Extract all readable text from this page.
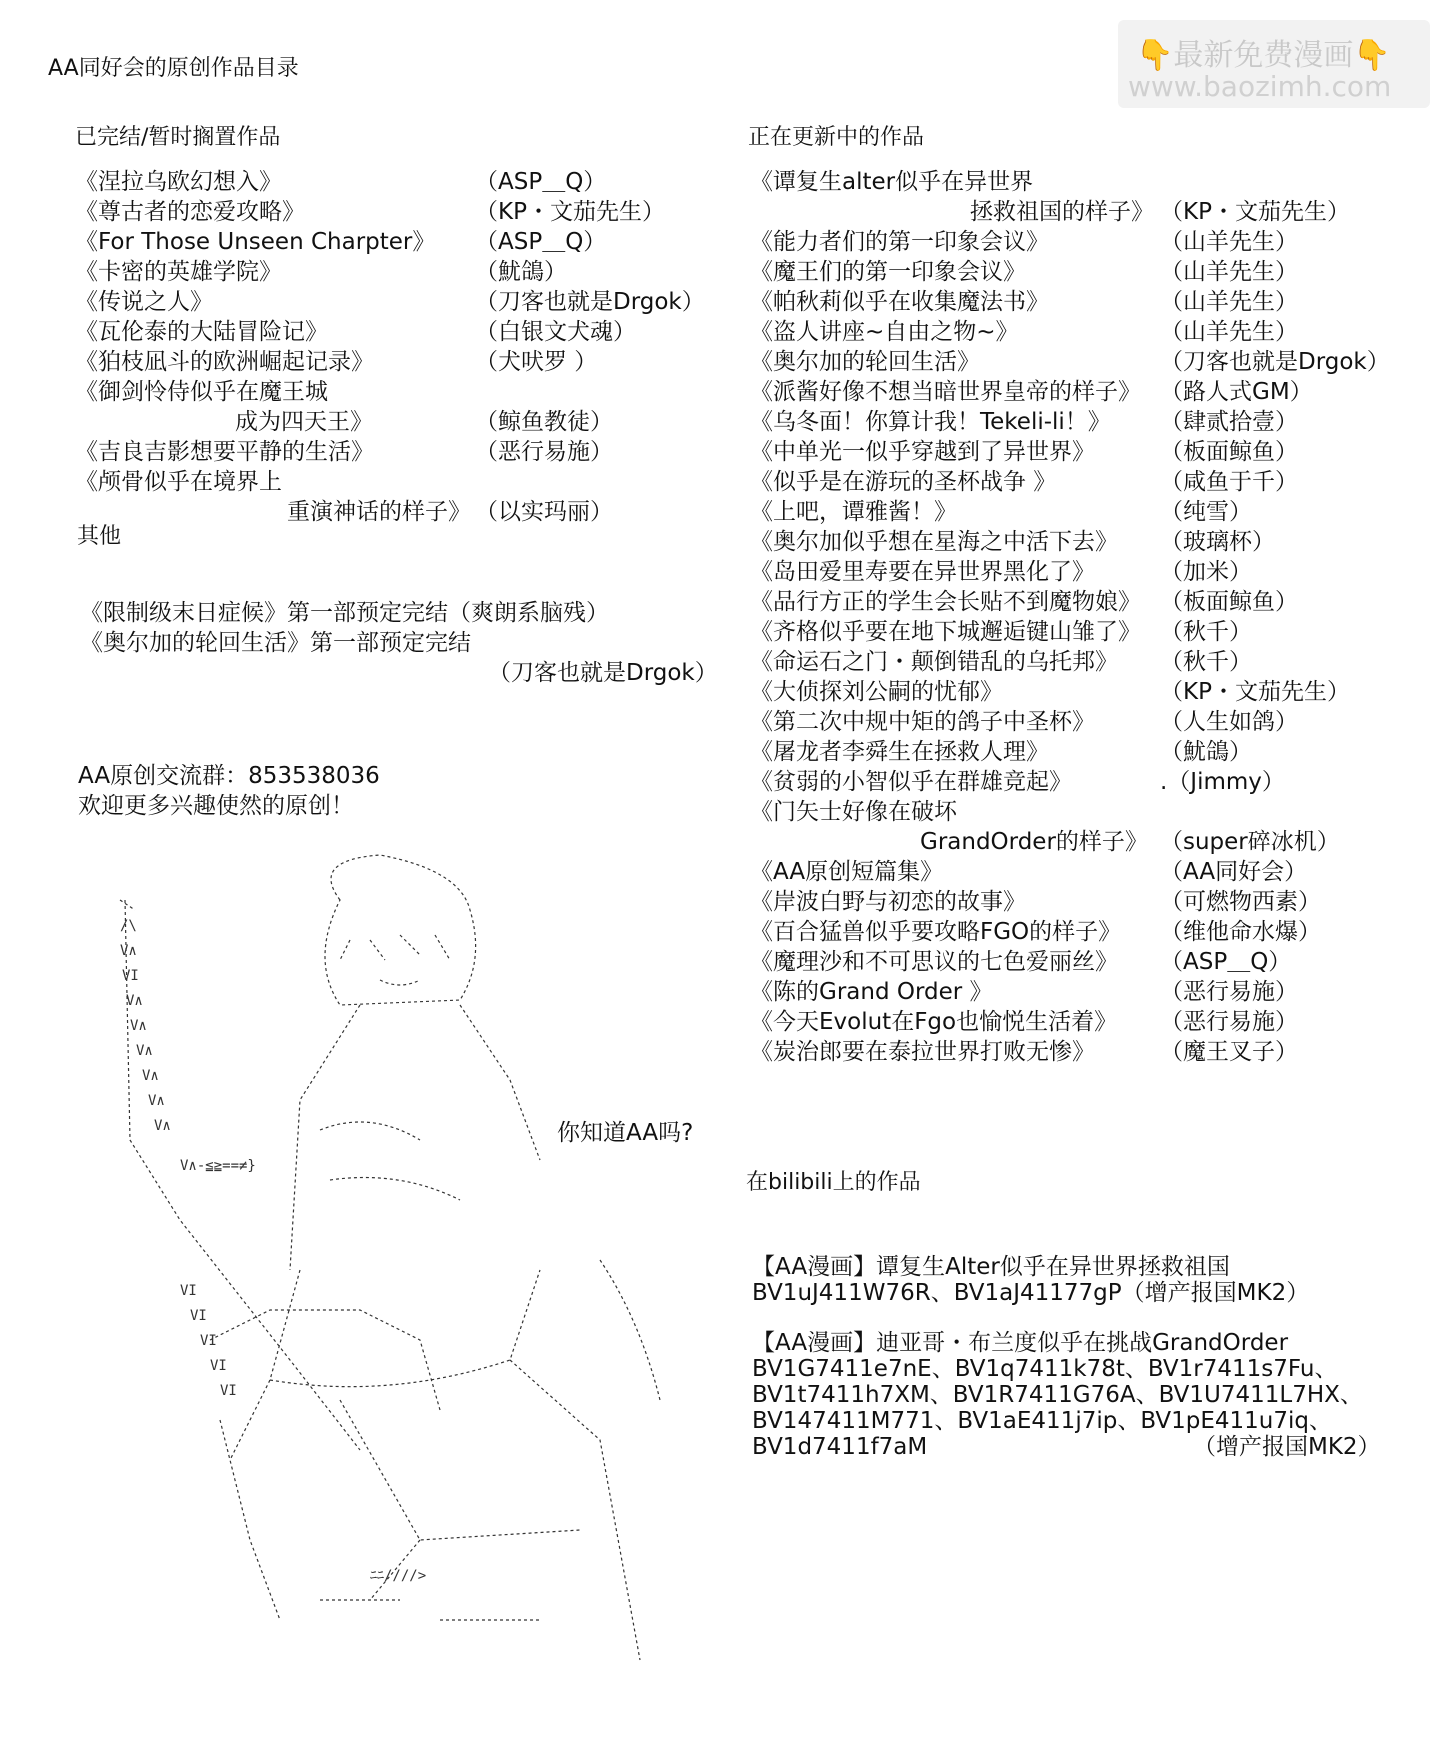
👇最新免费漫画👇
www.baozimh.com
AA同好会的原创作品目录
已完结/暂时搁置作品
《涅拉乌欧幻想入》	（ASP＿Q）
《尊古者的恋爱攻略》	（KP・文茄先生）
《For Those Unseen Charpter》 （ASP＿Q）
《卡密的英雄学院》	（魷鴿）
《传说之人》	（刀客也就是Drgok）
《瓦伦泰的大陆冒险记》	（白银文犬魂）
《狛枝凪斗的欧洲崛起记录》	（犬吠罗 ）
《御剑怜侍似乎在魔王城
成为四天王》	（鲸鱼教徒）
《吉良吉影想要平静的生活》	（恶行易施）
《颅骨似乎在境界上
重演神话的样子》 （以实玛丽）
其他
《限制级末日症候》第一部预定完结（爽朗系脑残）
《奥尔加的轮回生活》第一部预定完结
（刀客也就是Drgok）
AA原创交流群：853538036
欢迎更多兴趣使然的原创！
正在更新中的作品
《谭复生alter似乎在异世界
拯救祖国的样子》 （KP・文茄先生）
《能力者们的第一印象会议》	（山羊先生）
《魔王们的第一印象会议》	（山羊先生）
《帕秋莉似乎在收集魔法书》	（山羊先生）
《盗人讲座~自由之物~》	（山羊先生）
《奥尔加的轮回生活》	（刀客也就是Drgok）
《派酱好像不想当暗世界皇帝的样子》 （路人式GM）
《乌冬面！你算计我！Tekeli-li！》 （肆贰拾壹）
《中单光一似乎穿越到了异世界》	（板面鲸鱼）
《似乎是在游玩的圣杯战争 》	（咸鱼于千）
《上吧，谭雅酱！》	（纯雪）
《奥尔加似乎想在星海之中活下去》 （玻璃杯）
《岛田爱里寿要在异世界黑化了》	（加米）
《品行方正的学生会长贴不到魔物娘》 （板面鲸鱼）
《齐格似乎要在地下城邂逅键山雏了》 （秋千）
《命运石之门・颠倒错乱的乌托邦》 （秋千）
《大侦探刘公嗣的忧郁》	（KP・文茄先生）
《第二次中规中矩的鸽子中圣杯》	（人生如鸽）
《屠龙者李舜生在拯救人理》	（魷鴿）
《贫弱的小智似乎在群雄竞起》	.（Jimmy）
《门矢士好像在破坏
GrandOrder的样子》 （super碎冰机）
《AA原创短篇集》	（AA同好会）
《岸波白野与初恋的故事》	（可燃物西素）
《百合猛兽似乎要攻略FGO的样子》 （维他命水爆）
《魔理沙和不可思议的七色爱丽丝》 （ASP＿Q）
《陈的Grand Order 》	（恶行易施）
《今天Evolut在Fgo也愉悦生活着》 （恶行易施）
《炭治郎要在泰拉世界打败无惨》	（魔王叉子）
你知道AA吗?
在bilibili上的作品
【AA漫画】谭复生Alter似乎在异世界拯救祖国
BV1uJ411W76R、BV1aJ41177gP（增产报国MK2）
【AA漫画】迪亚哥・布兰度似乎在挑战GrandOrder
BV1G7411e7nE、BV1q7411k78t、BV1r7411s7Fu、
BV1t7411h7XM、BV1R7411G76A、BV1U7411L7HX、
BV147411M771、BV1aE411j7ip、BV1pE411u7iq、
BV1d7411f7aM	（增产报国MK2）
/\
V∧
VI
V∧
V∧
V∧
V∧
V∧
V∧
V∧-≦≧==≠}
VI
VI
VI
VI
VI
ﾆﾆ////>
